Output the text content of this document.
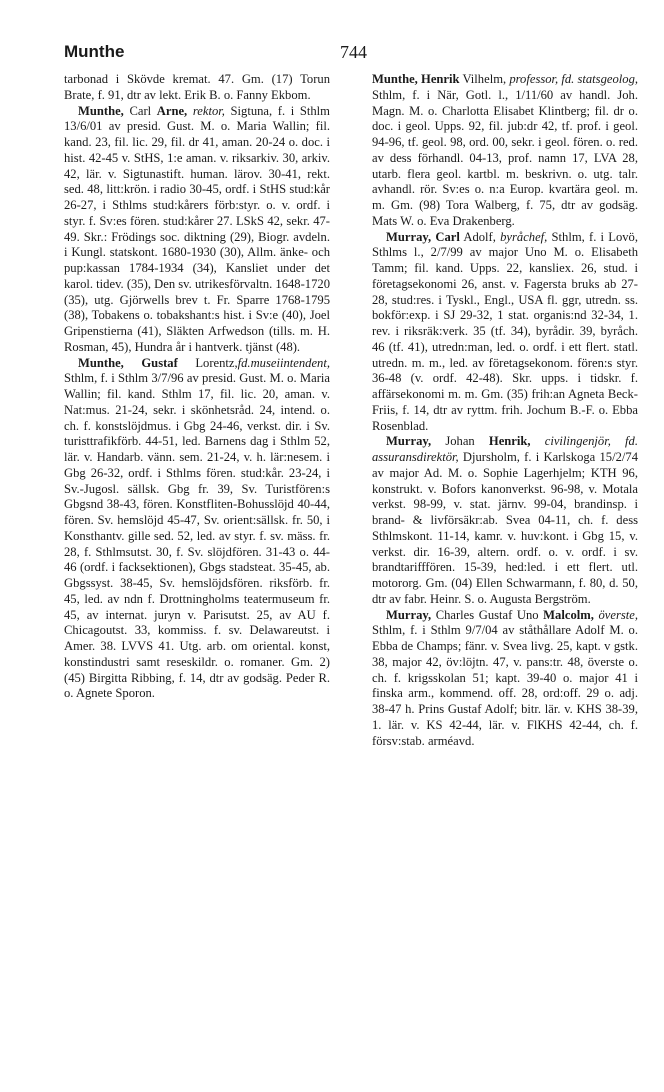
Munthe	744

tarbonad i Skövde kremat. 47. Gm. (17) Torun Brate, f. 91, dtr av lekt. Erik B. o. Fanny Ekbom.

Munthe, Carl Arne, rektor, Sigtuna, f. i Sthlm 13/6/01 av presid. Gust. M. o. Maria Wallin; fil. kand. 23, fil. lic. 29, fil. dr 41, aman. 20-24 o. doc. i hist. 42-45 v. StHS, 1:e aman. v. riksarkiv. 30, arkiv. 42, lär. v. Sigtunastift. human. lärov. 30-41, rekt. sed. 48, litt:krön. i radio 30-45, ordf. i StHS stud:kår 26-27, i Sthlms stud:kårers förb:styr. o. v. ordf. i styr. f. Sv:es fören. stud:kårer 27. LSkS 42, sekr. 47-49. Skr.: Frödings soc. diktning (29), Biogr. avdeln. i Kungl. statskont. 1680-1930 (30), Allm. änke- och pup:kassan 1784-1934 (34), Kansliet under det karol. tidev. (35), Den sv. utrikesförvaltn. 1648-1720 (35), utg. Gjörwells brev t. Fr. Sparre 1768-1795 (38), Tobakens o. tobakshant:s hist. i Sv:e (40), Joel Gripenstierna (41), Släkten Arfwedson (tills. m. H. Rosman, 45), Hundra år i hantverk. tjänst (48).

Munthe, Gustaf Lorentz,fd.museiintendent, Sthlm, f. i Sthlm 3/7/96 av presid. Gust. M. o. Maria Wallin; fil. kand. Sthlm 17, fil. lic. 20, aman. v. Nat:mus. 21-24, sekr. i skönhetsråd. 24, intend. o. ch. f. konstslöjdmus. i Gbg 24-46, verkst. dir. i Sv. turisttrafikförb. 44-51, led. Barnens dag i Sthlm 52, lär. v. Handarb. vänn. sem. 21-24, v. h. lär:nesem. i Gbg 26-32, ordf. i Sthlms fören. stud:kår. 23-24, i Sv.-Jugosl. sällsk. Gbg fr. 39, Sv. Turistfören:s Gbgsnd 38-43, fören. Konstfliten-Bohusslöjd 40-44, fören. Sv. hemslöjd 45-47, Sv. orient:sällsk. fr. 50, i Konsthantv. gille sed. 52, led. av styr. f. sv. mäss. fr. 28, f. Sthlmsutst. 30, f. Sv. slöjdfören. 31-43 o. 44-46 (ordf. i facksektionen), Gbgs stadsteat. 35-45, ab. Gbgssyst. 38-45, Sv. hemslöjdsfören. riksförb. fr. 45, led. av ndn f. Drottningholms teatermuseum fr. 45, av internat. juryn v. Parisutst. 25, av AU f. Chicagoutst. 33, kommiss. f. sv. Delawareutst. i Amer. 38. LVVS 41. Utg. arb. om oriental. konst, konstindustri samt reseskildr. o. romaner. Gm. 2) (45) Birgitta Ribbing, f. 14, dtr av godsäg. Peder R. o. Agnete Sporon.

Munthe, Henrik Vilhelm, professor, fd. statsgeolog, Sthlm, f. i När, Gotl. l., 1/11/60 av handl. Joh. Magn. M. o. Charlotta Elisabet Klintberg; fil. dr o. doc. i geol. Upps. 92, fil. jub:dr 42, tf. prof. i geol. 94-96, tf. geol. 98, ord. 00, sekr. i geol. fören. o. red. av dess förhandl. 04-13, prof. namn 17, LVA 28, utarb. flera geol. kartbl. m. beskrivn. o. utg. talr. avhandl. rör. Sv:es o. n:a Europ. kvartära geol. m. m. Gm. (98) Tora Walberg, f. 75, dtr av godsäg. Mats W. o. Eva Drakenberg.

Murray, Carl Adolf, byråchef, Sthlm, f. i Lovö, Sthlms l., 2/7/99 av major Uno M. o. Elisabeth Tamm; fil. kand. Upps. 22, kansliex. 26, stud. i företagsekonomi 26, anst. v. Fagersta bruks ab 27-28, stud:res. i Tyskl., Engl., USA fl. ggr, utredn. ss. bokför:exp. i SJ 29-32, 1 stat. organis:nd 32-34, 1. rev. i riksräk:verk. 35 (tf. 34), byrådir. 39, byråch. 46 (tf. 41), utredn:man, led. o. ordf. i ett flert. statl. utredn. m. m., led. av företagsekonom. fören:s styr. 36-48 (v. ordf. 42-48). Skr. upps. i tidskr. f. affärsekonomi m. m. Gm. (35) frih:an Agneta Beck-Friis, f. 14, dtr av ryttm. frih. Jochum B.-F. o. Ebba Rosenblad.

Murray, Johan Henrik, civilingenjör, fd. assuransdirektör, Djursholm, f. i Karlskoga 15/2/74 av major Ad. M. o. Sophie Lagerhjelm; KTH 96, konstrukt. v. Bofors kanonverkst. 96-98, v. Motala verkst. 98-99, v. stat. järnv. 99-04, brandinsp. i brand- & livförsäkr:ab. Svea 04-11, ch. f. dess Sthlmskont. 11-14, kamr. v. huv:kont. i Gbg 15, v. verkst. dir. 16-39, altern. ordf. o. v. ordf. i sv. brandtarifffören. 15-39, hed:led. i ett flert. utl. motororg. Gm. (04) Ellen Schwarmann, f. 80, d. 50, dtr av fabr. Heinr. S. o. Augusta Bergström.

Murray, Charles Gustaf Uno Malcolm, överste, Sthlm, f. i Sthlm 9/7/04 av ståthållare Adolf M. o. Ebba de Champs; fänr. v. Svea livg. 25, kapt. v gstk. 38, major 42, öv:löjtn. 47, v. pans:tr. 48, överste o. ch. f. krigsskolan 51; kapt. 39-40 o. major 41 i finska arm., kommend. off. 28, ord:off. 29 o. adj. 38-47 h. Prins Gustaf Adolf; bitr. lär. v. KHS 38-39, 1. lär. v. KS 42-44, lär. v. FlKHS 42-44, ch. f. försv:stab. arméavd.
